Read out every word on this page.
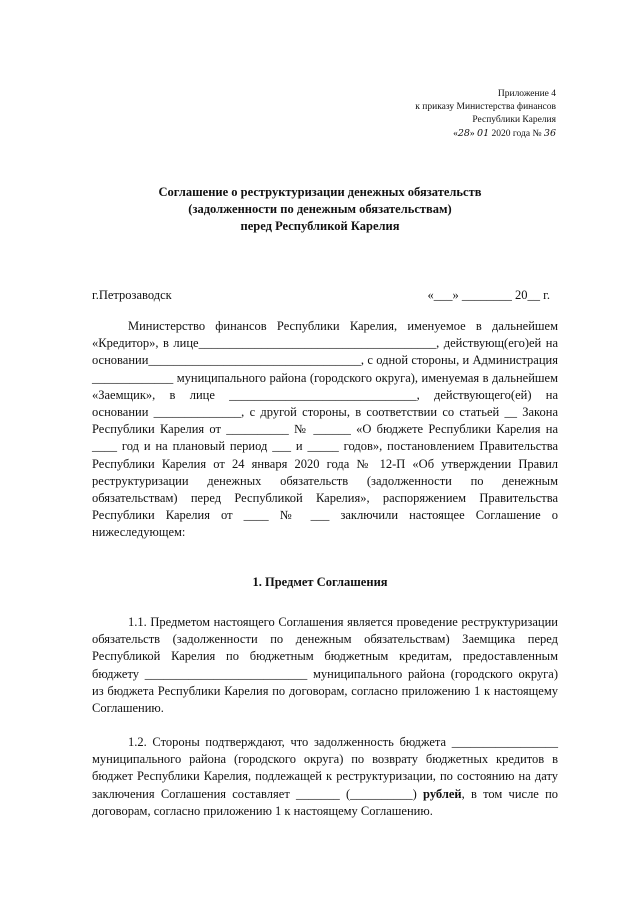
Приложение 4
к приказу Министерства финансов
Республики Карелия
«28» 01 2020 года № 36
Соглашение о реструктуризации денежных обязательств
(задолженности по денежным обязательствам)
перед Республикой Карелия
г.Петрозаводск	«___» ________ 20__ г.
Министерство финансов Республики Карелия, именуемое в дальнейшем «Кредитор», в лице______________________________________, действующ(его)ей на основании__________________________________, с одной стороны, и Администрация _____________ муниципального района (городского округа), именуемая в дальнейшем «Заемщик», в лице ______________________________, действующего(ей) на основании ______________, с другой стороны, в соответствии со статьей __ Закона Республики Карелия от __________ № ______ «О бюджете Республики Карелия на ____ год и на плановый период ___ и _____ годов», постановлением Правительства Республики Карелия от 24 января 2020 года № 12-П «Об утверждении Правил реструктуризации денежных обязательств (задолженности по денежным обязательствам) перед Республикой Карелия», распоряжением Правительства Республики Карелия от ____ № ___ заключили настоящее Соглашение о нижеследующем:
1. Предмет Соглашения
1.1. Предметом настоящего Соглашения является проведение реструктуризации обязательств (задолженности по денежным обязательствам) Заемщика перед Республикой Карелия по бюджетным бюджетным кредитам, предоставленным бюджету __________________________ муниципального района (городского округа) из бюджета Республики Карелия по договорам, согласно приложению 1 к настоящему Соглашению.
1.2. Стороны подтверждают, что задолженность бюджета _________________ муниципального района (городского округа) по возврату бюджетных кредитов в бюджет Республики Карелия, подлежащей к реструктуризации, по состоянию на дату заключения Соглашения составляет _______ (__________) рублей, в том числе по договорам, согласно приложению 1 к настоящему Соглашению.
